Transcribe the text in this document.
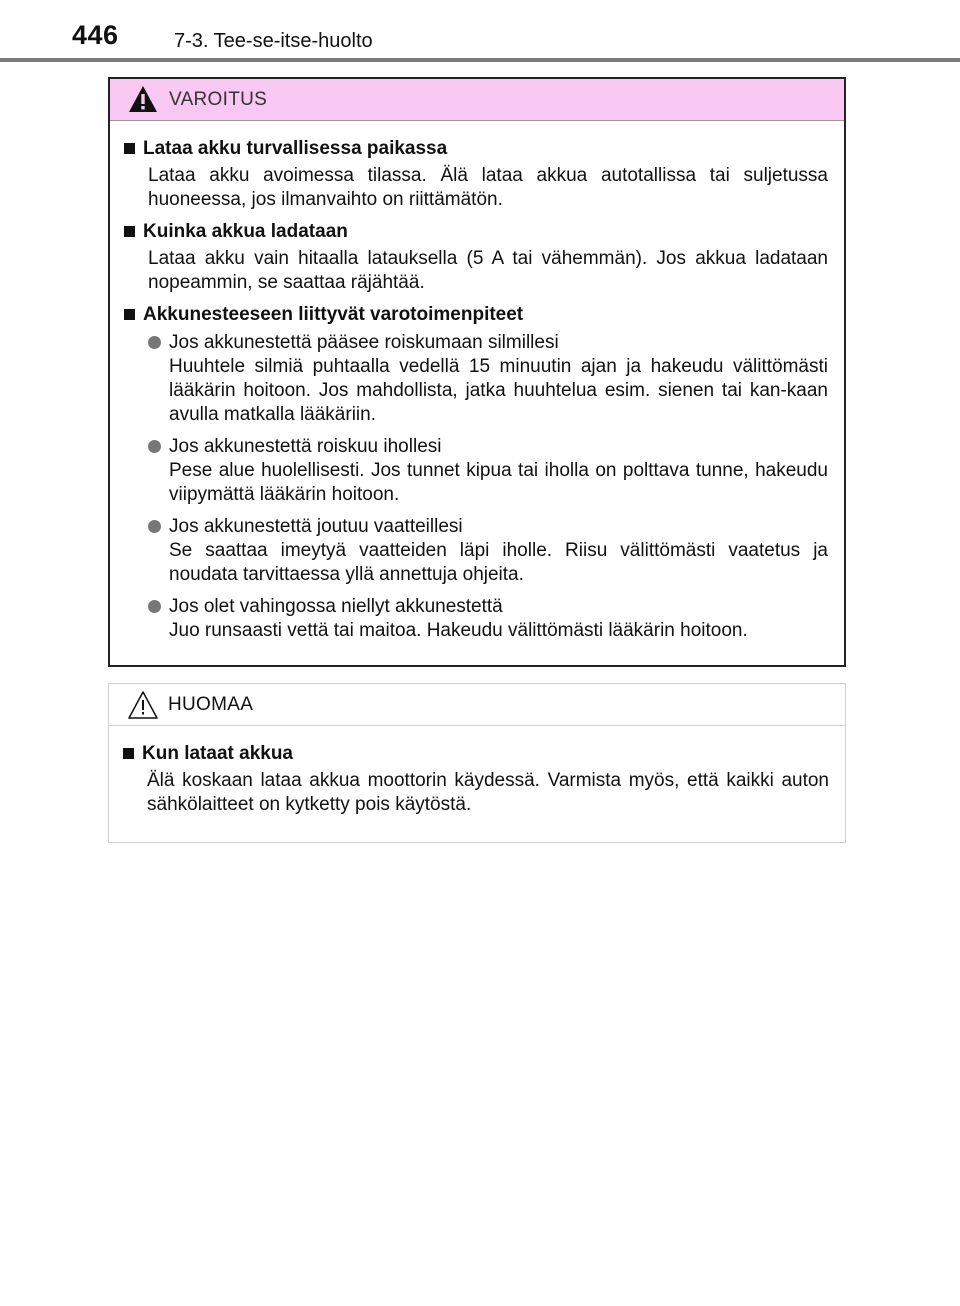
446	7-3. Tee-se-itse-huolto
VAROITUS
Lataa akku turvallisessa paikassa
Lataa akku avoimessa tilassa. Älä lataa akkua autotallissa tai suljetussa huoneessa, jos ilmanvaihto on riittämätön.
Kuinka akkua ladataan
Lataa akku vain hitaalla latauksella (5 A tai vähemmän). Jos akkua ladataan nopeammin, se saattaa räjähtää.
Akkunesteeseen liittyvät varotoimenpiteet
Jos akkunestettä pääsee roiskumaan silmillesi
Huuhtele silmiä puhtaalla vedellä 15 minuutin ajan ja hakeudu välittömästi lääkärin hoitoon. Jos mahdollista, jatka huuhtelua esim. sienen tai kan-kaan avulla matkalla lääkäriin.
Jos akkunestettä roiskuu ihollesi
Pese alue huolellisesti. Jos tunnet kipua tai iholla on polttava tunne, hakeudu viipymättä lääkärin hoitoon.
Jos akkunestettä joutuu vaatteillesi
Se saattaa imeytyä vaatteiden läpi iholle. Riisu välittömästi vaatetus ja noudata tarvittaessa yllä annettuja ohjeita.
Jos olet vahingossa niellyt akkunestettä
Juo runsaasti vettä tai maitoa. Hakeudu välittömästi lääkärin hoitoon.
HUOMAA
Kun lataat akkua
Älä koskaan lataa akkua moottorin käydessä. Varmista myös, että kaikki auton sähkölaitteet on kytketty pois käytöstä.
